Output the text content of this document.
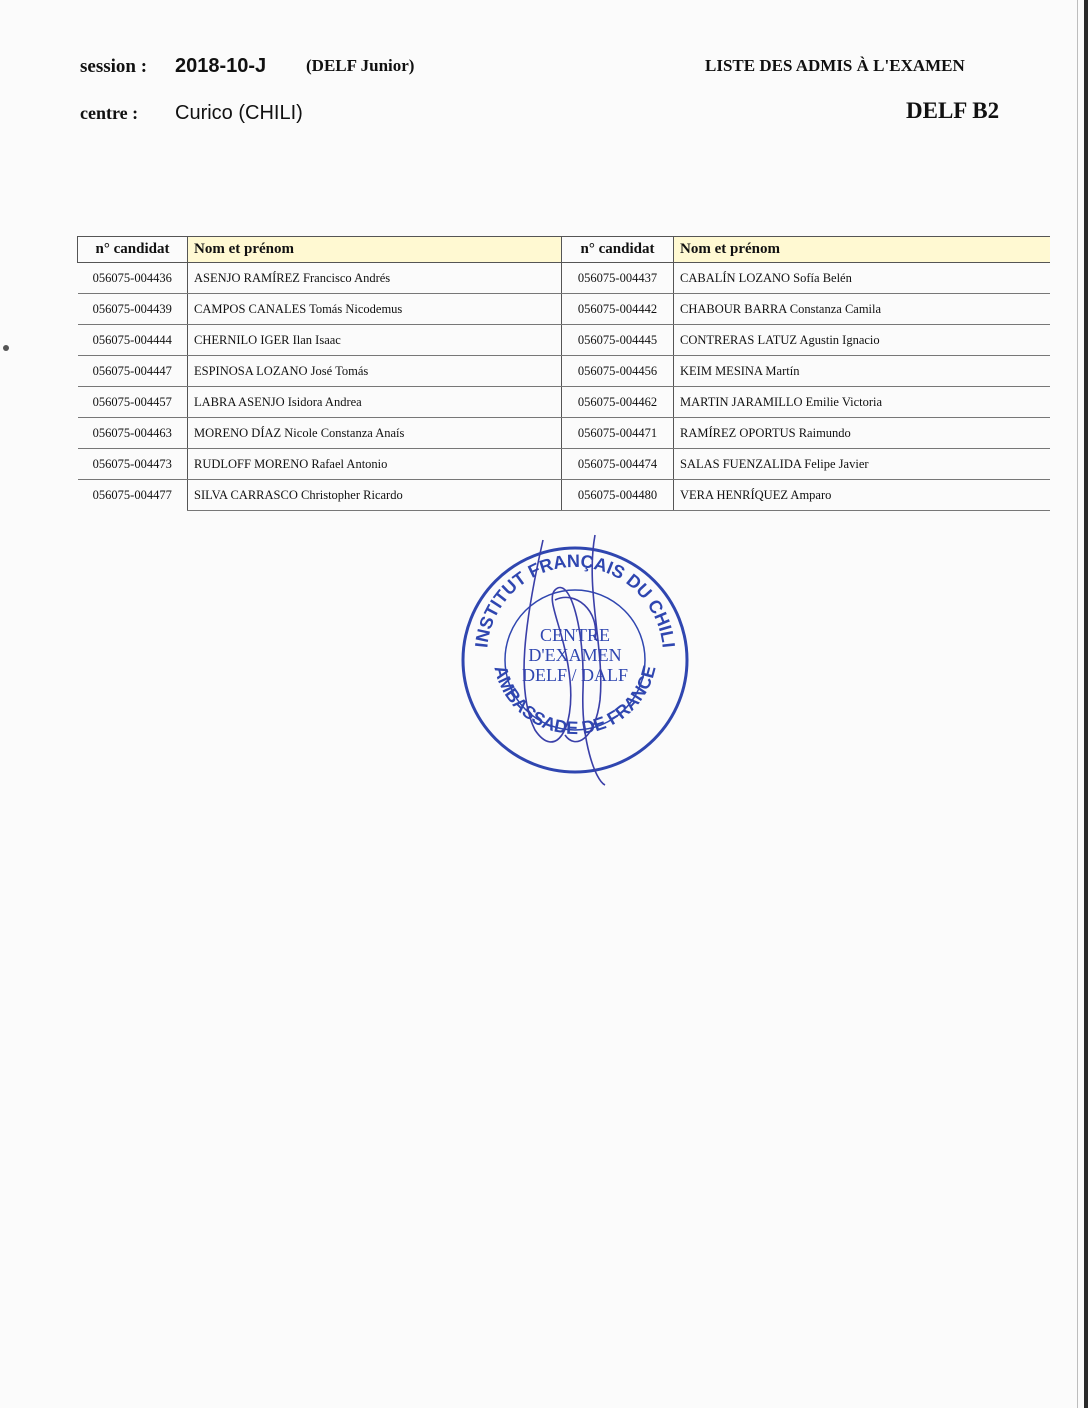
session : 2018-10-J (DELF Junior)	LISTE DES ADMIS À L'EXAMEN
centre : Curico (CHILI)	DELF B2
n° candidat	Nom et prénom	n° candidat	Nom et prénom
056075-004436	ASENJO RAMÍREZ Francisco Andrés	056075-004437	CABALÍN LOZANO Sofía Belén
056075-004439	CAMPOS CANALES Tomás Nicodemus	056075-004442	CHABOUR BARRA Constanza Camila
056075-004444	CHERNILO IGER Ilan Isaac	056075-004445	CONTRERAS LATUZ Agustin Ignacio
056075-004447	ESPINOSA LOZANO José Tomás	056075-004456	KEIM MESINA Martín
056075-004457	LABRA ASENJO Isidora Andrea	056075-004462	MARTIN JARAMILLO Emilie Victoria
056075-004463	MORENO DÍAZ Nicole Constanza Anaís	056075-004471	RAMÍREZ OPORTUS Raimundo
056075-004473	RUDLOFF MORENO Rafael Antonio	056075-004474	SALAS FUENZALIDA Felipe Javier
056075-004477	SILVA CARRASCO Christopher Ricardo	056075-004480	VERA HENRÍQUEZ Amparo
INSTITUT FRANÇAIS DU CHILI
AMBASSADE DE FRANCE
CENTRE
D'EXAMEN
DELF / DALF
